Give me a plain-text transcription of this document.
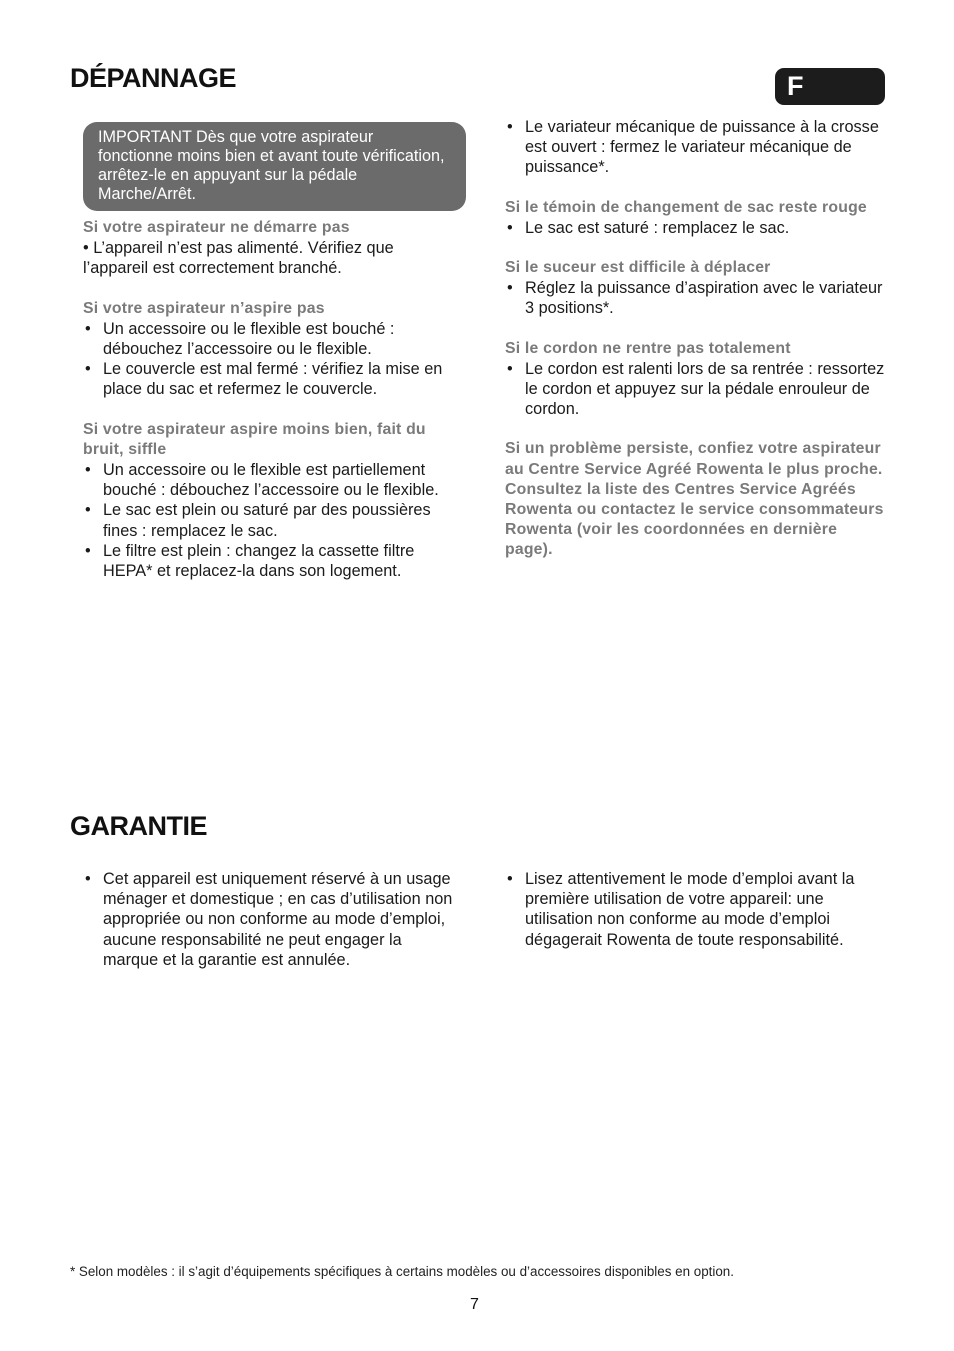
DÉPANNAGE	F
IMPORTANT Dès que votre aspirateur fonctionne moins bien et avant toute vérification, arrêtez-le en appuyant sur la pédale Marche/Arrêt.
Si votre aspirateur ne démarre pas

• L’appareil n’est pas alimenté. Vérifiez que l’appareil est correctement branché.

Si votre aspirateur n’aspire pas
• Un accessoire ou le flexible est bouché : débouchez l’accessoire ou le flexible.
• Le couvercle est mal fermé : vérifiez la mise en place du sac et refermez le couvercle.
Si votre aspirateur aspire moins bien, fait du bruit, siffle
• Un accessoire ou le flexible est partiellement bouché : débouchez l’accessoire ou le flexible.
• Le sac est plein ou saturé par des poussières fines : remplacez le sac.
• Le filtre est plein : changez la cassette filtre HEPA* et replacez-la dans son logement.
• Le variateur mécanique de puissance à la crosse est ouvert : fermez le variateur mécanique de puissance*.
Si le témoin de changement de sac reste rouge
• Le sac est saturé : remplacez le sac.
Si le suceur est difficile à déplacer
• Réglez la puissance d’aspiration avec le variateur 3 positions*.
Si le cordon ne rentre pas totalement
• Le cordon est ralenti lors de sa rentrée : ressortez le cordon et appuyez sur la pédale enrouleur de cordon.
Si un problème persiste, confiez votre aspirateur au Centre Service Agréé Rowenta le plus proche. Consultez la liste des Centres Service Agréés Rowenta ou contactez le service consommateurs Rowenta (voir les coordonnées en dernière page).
GARANTIE
• Cet appareil est uniquement réservé à un usage ménager et domestique ; en cas d’utilisation non appropriée ou non conforme au mode d’emploi, aucune responsabilité ne peut engager la marque et la garantie est annulée.
• Lisez attentivement le mode d’emploi avant la première utilisation de votre appareil: une utilisation non conforme au mode d’emploi dégagerait Rowenta de toute responsabilité.
* Selon modèles : il s’agit d’équipements spécifiques à certains modèles ou d’accessoires disponibles en option.
7
